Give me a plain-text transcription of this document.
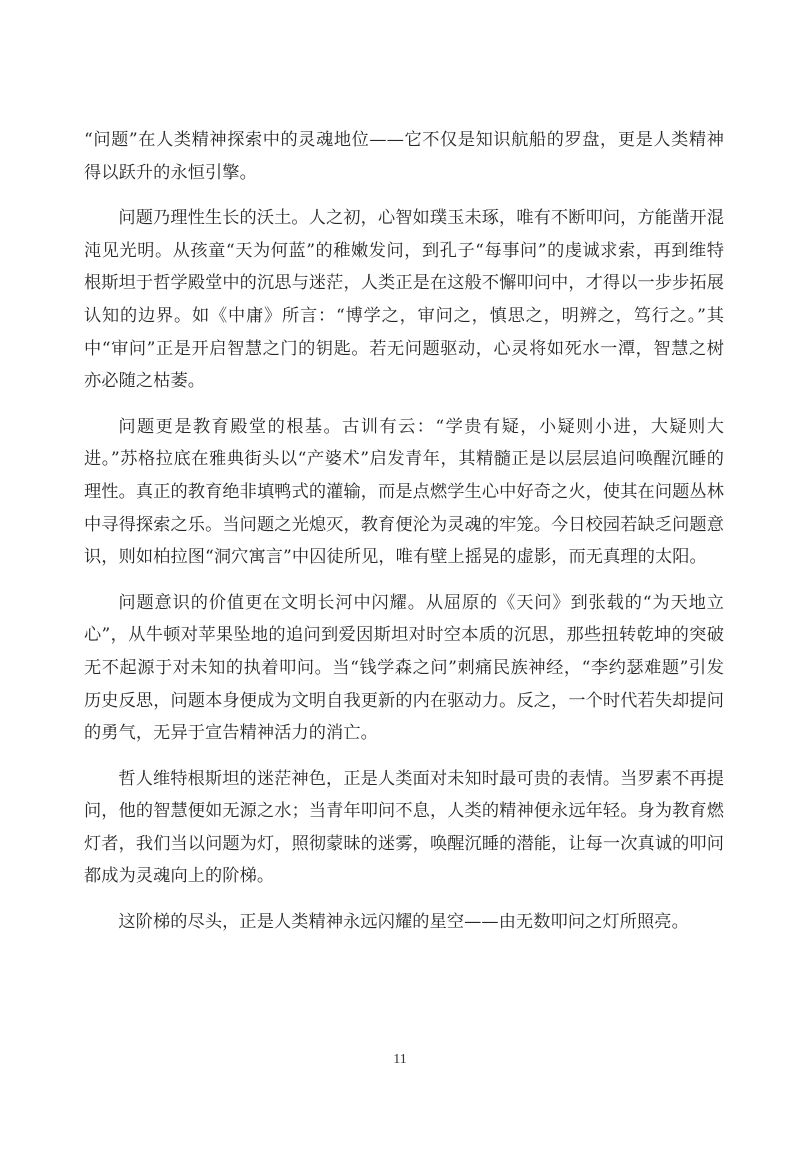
“问题”在人类精神探索中的灵魂地位——它不仅是知识航船的罗盘，更是人类精神得以跃升的永恒引擎。

问题乃理性生长的沃土。人之初，心智如璞玉未琢，唯有不断叩问，方能凿开混沌见光明。从孩童“天为何蓝”的稚嫩发问，到孔子“每事问”的虔诚求索，再到维特根斯坦于哲学殿堂中的沉思与迷茫，人类正是在这般不懈叩问中，才得以一步步拓展认知的边界。如《中庸》所言：“博学之，审问之，慎思之，明辨之，笃行之。”其中“审问”正是开启智慧之门的钥匙。若无问题驱动，心灵将如死水一潭，智慧之树亦必随之枯萎。

问题更是教育殿堂的根基。古训有云：“学贵有疑，小疑则小进，大疑则大进。”苏格拉底在雅典街头以“产婆术”启发青年，其精髓正是以层层追问唤醒沉睡的理性。真正的教育绝非填鸭式的灌输，而是点燃学生心中好奇之火，使其在问题丛林中寻得探索之乐。当问题之光熄灭，教育便沦为灵魂的牢笼。今日校园若缺乏问题意识，则如柏拉图“洞穴寓言”中囚徒所见，唯有壁上摇晃的虚影，而无真理的太阳。

问题意识的价值更在文明长河中闪耀。从屈原的《天问》到张载的“为天地立心”，从牛顿对苹果坠地的追问到爱因斯坦对时空本质的沉思，那些扭转乾坤的突破无不起源于对未知的执着叩问。当“钱学森之问”刺痛民族神经，“李约瑟难题”引发历史反思，问题本身便成为文明自我更新的内在驱动力。反之，一个时代若失却提问的勇气，无异于宣告精神活力的消亡。

哲人维特根斯坦的迷茫神色，正是人类面对未知时最可贵的表情。当罗素不再提问，他的智慧便如无源之水；当青年叩问不息，人类的精神便永远年轻。身为教育燃灯者，我们当以问题为灯，照彻蒙昧的迷雾，唤醒沉睡的潜能，让每一次真诚的叩问都成为灵魂向上的阶梯。

这阶梯的尽头，正是人类精神永远闪耀的星空——由无数叩问之灯所照亮。

11
